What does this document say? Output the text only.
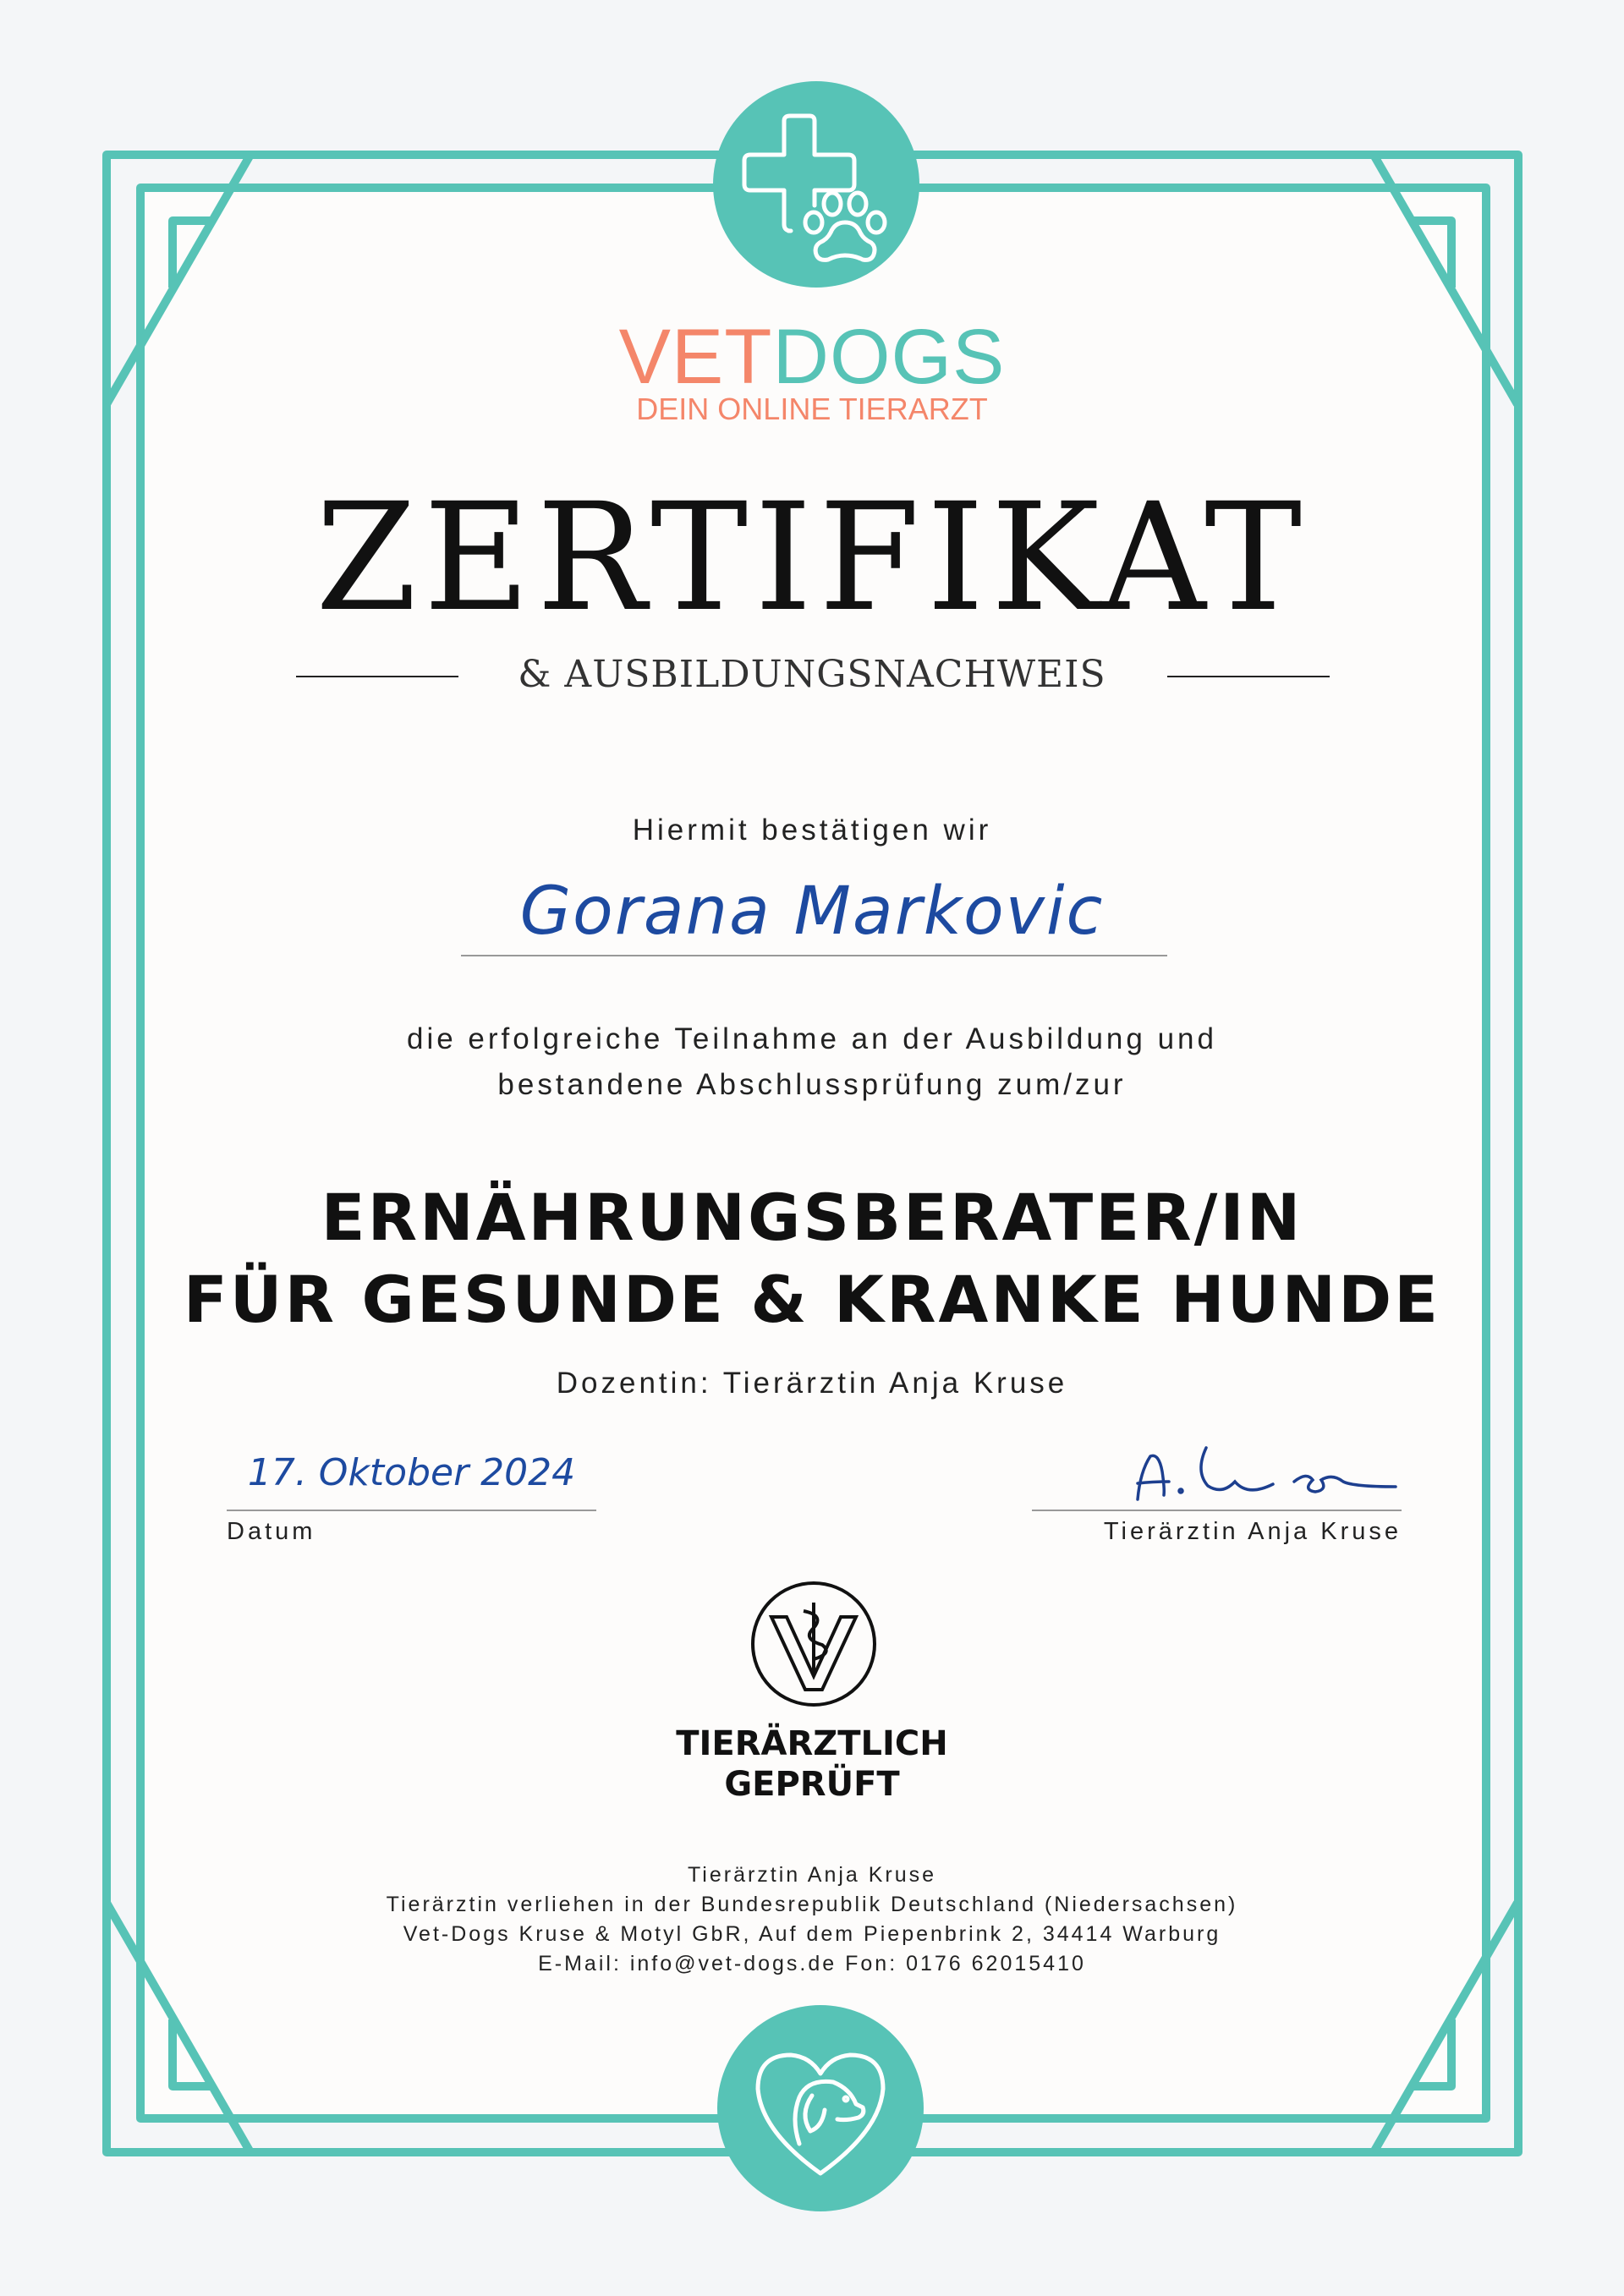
VETDOGS
DEIN ONLINE TIERARZT
ZERTIFIKAT
& AUSBILDUNGSNACHWEIS
Hiermit bestätigen wir
Gorana Markovic
die erfolgreiche Teilnahme an der Ausbildung und
bestandene Abschlussprüfung zum/zur
ERNÄHRUNGSBERATER/IN
FÜR GESUNDE & KRANKE HUNDE
Dozentin: Tierärztin Anja Kruse
17. Oktober 2024
Datum	Tierärztin Anja Kruse
TIERÄRZTLICH
GEPRÜFT
Tierärztin Anja Kruse
Tierärztin verliehen in der Bundesrepublik Deutschland (Niedersachsen)
Vet-Dogs Kruse & Motyl GbR, Auf dem Piepenbrink 2, 34414 Warburg
E-Mail: info@vet-dogs.de Fon: 0176 62015410
